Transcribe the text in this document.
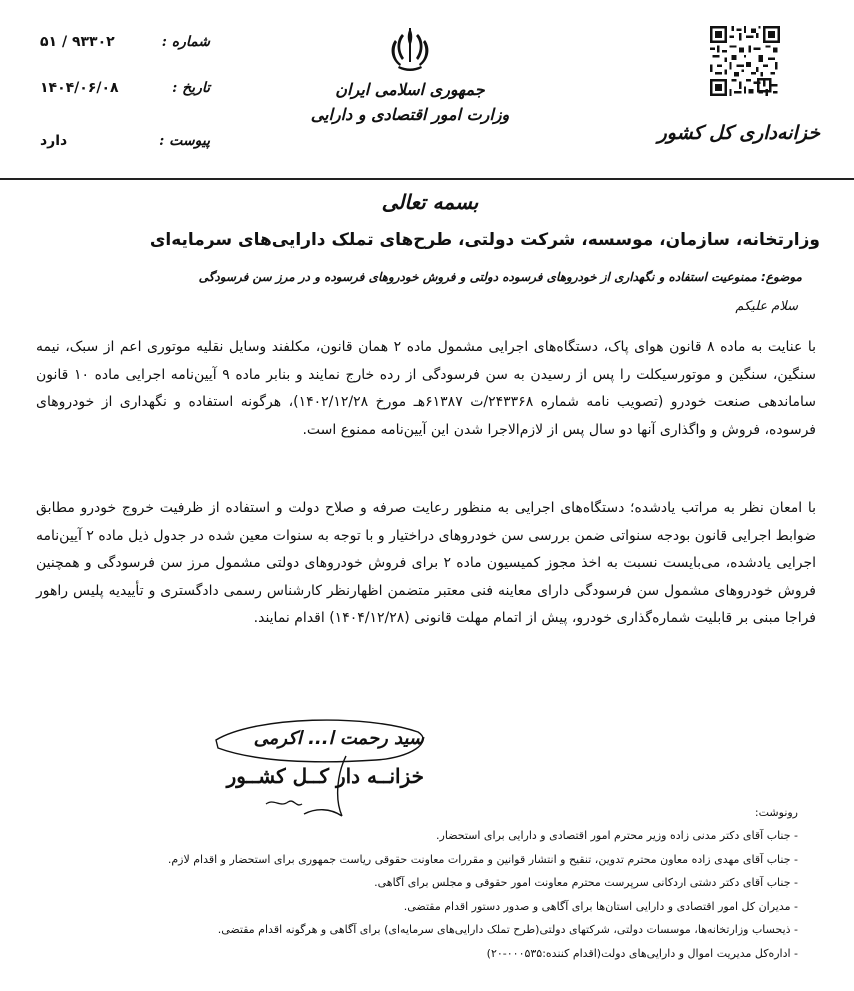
خزانه‌داری کل کشور
جمهوری اسلامی ایران
وزارت امور اقتصادی و دارایی
شماره :
۵۱ / ۹۳۳۰۲
تاریخ :
۱۴۰۴/۰۶/۰۸
پیوست :
دارد
بسمه تعالی
وزارتخانه، سازمان، موسسه، شرکت دولتی، طرح‌های تملک دارایی‌های سرمایه‌ای
موضوع: ممنوعیت استفاده و نگهداری از خودروهای فرسوده دولتی و فروش خودروهای فرسوده و در مرز سن فرسودگی
سلام علیکم
با عنایت به ماده ۸ قانون هوای پاک، دستگاه‌های اجرایی مشمول ماده ۲ همان قانون، مکلفند وسایل نقلیه موتوری اعم از سبک، نیمه سنگین، سنگین و موتورسیکلت را پس از رسیدن به سن فرسودگی از رده خارج نمایند و بنابر ماده ۹ آیین‌نامه اجرایی ماده ۱۰ قانون ساماندهی صنعت خودرو (تصویب نامه شماره ۲۴۳۳۶۸/ت ۶۱۳۸۷هـ مورخ ۱۴۰۲/۱۲/۲۸)، هرگونه استفاده و نگهداری از خودروهای فرسوده، فروش و واگذاری آنها دو سال پس از لازم‌الاجرا شدن این آیین‌نامه ممنوع است.
با امعان نظر به مراتب یادشده؛ دستگاه‌های اجرایی به منظور رعایت صرفه و صلاح دولت و استفاده از ظرفیت خروج خودرو مطابق ضوابط اجرایی قانون بودجه سنواتی ضمن بررسی سن خودروهای دراختیار و با توجه به سنوات معین شده در جدول ذیل ماده ۲ آیین‌نامه اجرایی یادشده، می‌بایست نسبت به اخذ مجوز کمیسیون ماده ۲ برای فروش خودروهای دولتی مشمول مرز سن فرسودگی و همچنین فروش خودروهای مشمول سن فرسودگی دارای معاینه فنی معتبر متضمن اظهارنظر کارشناس رسمی دادگستری و تأییدیه پلیس راهور فراجا مبنی بر قابلیت شماره‌گذاری خودرو، پیش از اتمام مهلت قانونی (۱۴۰۴/۱۲/۲۸) اقدام نمایند.
سید رحمت ا... اکرمی
خزانــه دار کــل کشــور
رونوشت:
- جناب آقای دکتر مدنی زاده وزیر محترم امور اقتصادی و دارایی برای استحضار.
- جناب آقای مهدی زاده معاون محترم تدوین، تنقیح و انتشار قوانین و مقررات معاونت حقوقی ریاست جمهوری برای استحضار و اقدام لازم.
- جناب آقای دکتر دشتی اردکانی سرپرست محترم معاونت امور حقوقی و مجلس برای آگاهی.
- مدیران کل امور اقتصادی و دارایی استان‌ها برای آگاهی و صدور دستور اقدام مقتضی.
- ذیحساب وزارتخانه‌ها، موسسات دولتی، شرکتهای دولتی(طرح تملک دارایی‌های سرمایه‌ای) برای آگاهی و هرگونه اقدام مقتضی.
- اداره‌کل مدیریت اموال و دارایی‌های دولت(اقدام کننده:۰۰۰۵۳۵-۲۰)
